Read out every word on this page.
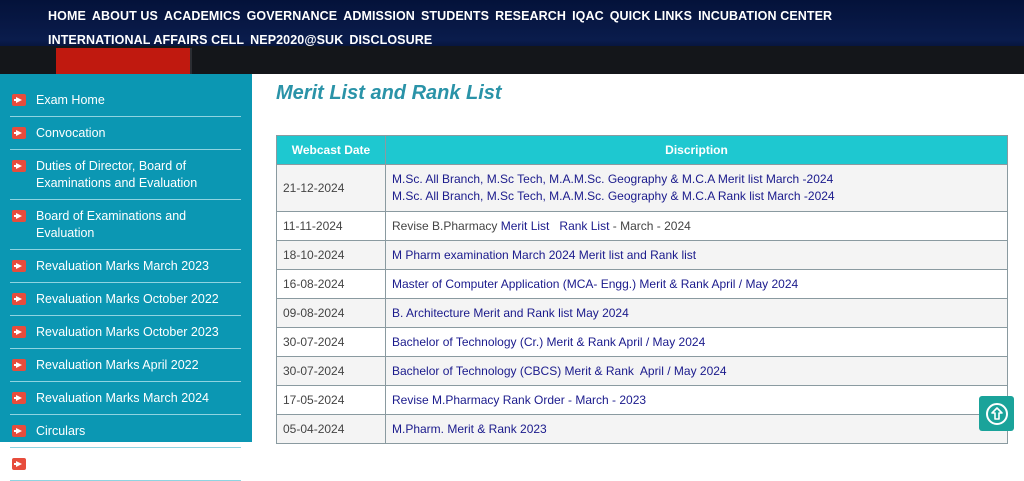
HOME ABOUT US ACADEMICS GOVERNANCE ADMISSION STUDENTS RESEARCH IQAC QUICK LINKS INCUBATION CENTER
INTERNATIONAL AFFAIRS CELL NEP2020@SUK DISCLOSURE
Exam Home
Convocation
Duties of Director, Board of Examinations and Evaluation
Board of Examinations and Evaluation
Revaluation Marks March 2023
Revaluation Marks October 2022
Revaluation Marks October 2023
Revaluation Marks April 2022
Revaluation Marks March 2024
Circulars
Award
Merit List and Rank List
Webcast Date	Discription
21-12-2024	M.Sc. All Branch, M.Sc Tech, M.A.M.Sc. Geography & M.C.A Merit list March -2024
M.Sc. All Branch, M.Sc Tech, M.A.M.Sc. Geography & M.C.A Rank list March -2024

11-11-2024	Revise B.Pharmacy Merit List Rank List - March - 2024
18-10-2024	M Pharm examination March 2024 Merit list and Rank list
16-08-2024	Master of Computer Application (MCA- Engg.) Merit & Rank April / May 2024
09-08-2024	B. Architecture Merit and Rank list May 2024
30-07-2024	Bachelor of Technology (Cr.) Merit & Rank April / May 2024
30-07-2024	Bachelor of Technology (CBCS) Merit & Rank  April / May 2024
17-05-2024	Revise M.Pharmacy Rank Order - March - 2023
05-04-2024	M.Pharm. Merit & Rank 2023
